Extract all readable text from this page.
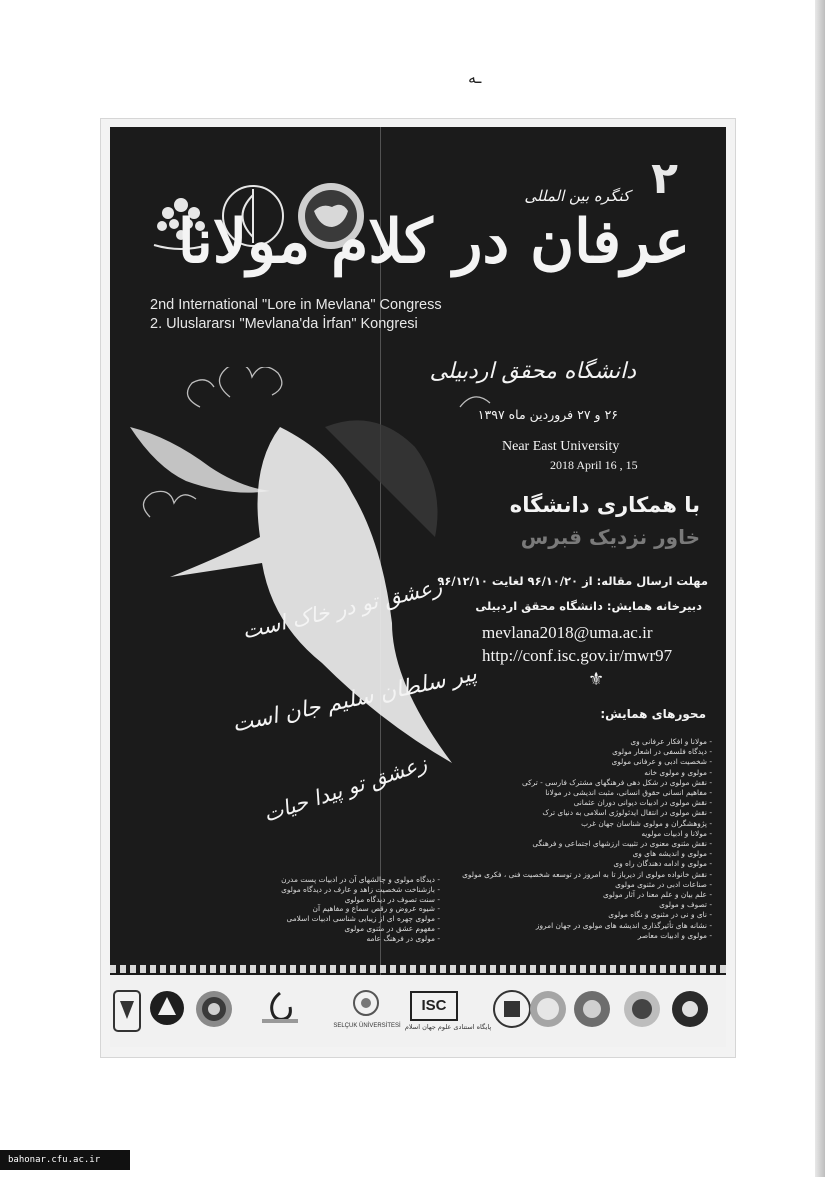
ـه
2nd International "Lore in Mevlana" Congress
2. Uluslararsı "Mevlana'da İrfan" Kongresi
۲
کنگره بین المللی
عرفان در کلام مولانا
دانشگاه محقق اردبیلی
۲۶ و ۲۷ فروردین ماه ۱۳۹۷
Near East University
2018 April 16 , 15
زعشق تو در خاک است
پیر سلطان سلیم جان است
زعشق تو پیدا حیات
با همکاری دانشگاه
خاور نزدیک قبرس
مهلت ارسال مقاله: از ۹۶/۱۰/۲۰ لغایت ۹۶/۱۲/۱۰
دبیرخانه همایش: دانشگاه محقق اردبیلی
mevlana2018@uma.ac.ir
http://conf.isc.gov.ir/mwr97
⚜
محورهای همایش:
- مولانا و افکار عرفانی وی
- دیدگاه فلسفی در اشعار مولوی
- شخصیت ادبی و عرفانی مولوی
- مولوی و مولوی خانه
- نقش مولوی در شکل دهی فرهنگهای مشترک فارسی - ترکی
- مفاهیم انسانی حقوق انسانی، مثبت اندیشی در مولانا
- نقش مولوی در ادبیات دیوانی دوران عثمانی
- نقش مولوی در انتقال ایدئولوژی اسلامی به دنیای ترک
- پژوهشگران و مولوی شناسان جهان غرب
- مولانا و ادبیات مولویه
- نقش مثنوی معنوی در تثبیت ارزشهای اجتماعی و فرهنگی
- مولوی و اندیشه های وی
- مولوی و ادامه دهندگان راه وی
- نقش خانواده مولوی از دیرباز تا به امروز در توسعه شخصیت فنی ، فکری مولوی
- صناعات ادبی در مثنوی مولوی
- علم بیان و علم معنا در آثار مولوی
- تصوف و مولوی
- نای و نی در مثنوی و نگاه مولوی
- نشانه های تأثیرگذاری اندیشه های مولوی در جهان امروز
- مولوی و ادبیات معاصر
- دیدگاه مولوی و چالشهای آن در ادبیات پست مدرن
- بازشناخت شخصیت زاهد و عارف در دیدگاه مولوی
- سنت تصوف در دیدگاه مولوی
- شیوه عروض و رقص سماع و مفاهیم آن
- مولوی چهره ای از زیبایی شناسی ادبیات اسلامی
- مفهوم عشق در مثنوی مولوی
- مولوی در فرهنگ عامه
SELÇUK ÜNİVERSİTESİ
ISC
پایگاه استنادی علوم جهان اسلام
bahonar.cfu.ac.ir
